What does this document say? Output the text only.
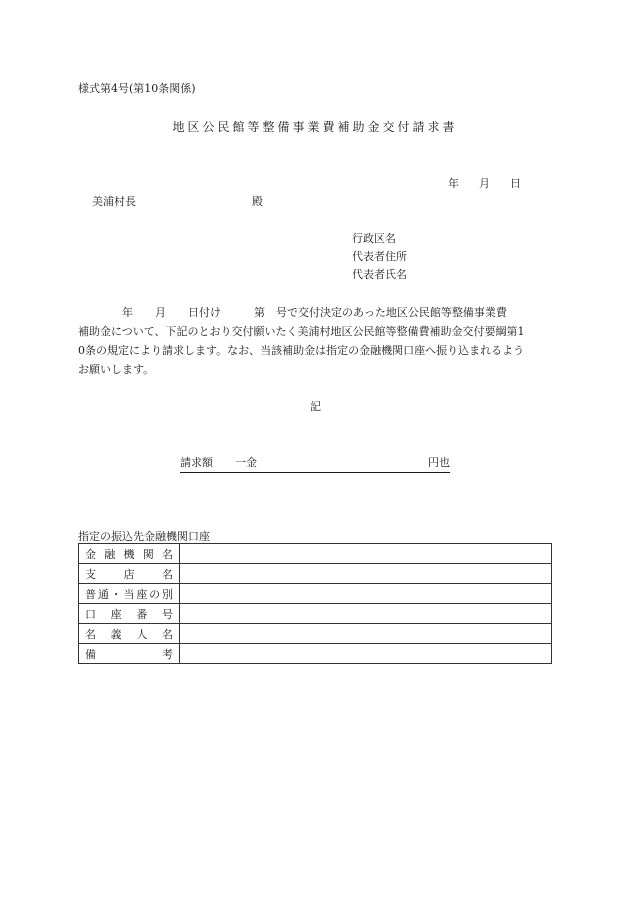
様式第4号(第10条関係)
地区公民館等整備事業費補助金交付請求書
年 月 日
美浦村長	殿
行政区名
代表者住所
代表者氏名

　　　　年　　月　　日付け　　　第　号で交付決定のあった地区公民館等整備事業費

補助金について、下記のとおり交付願いたく美浦村地区公民館等整備費補助金交付要綱第1

0条の規定により請求します。なお、当該補助金は指定の金融機関口座へ振り込まれるよう

お願いします。

記
請求額 一金	円也
指定の振込先金融機関口座
金融機関名	
支店名	
普通・当座の別	
口座番号	
名義人名	
備考	
